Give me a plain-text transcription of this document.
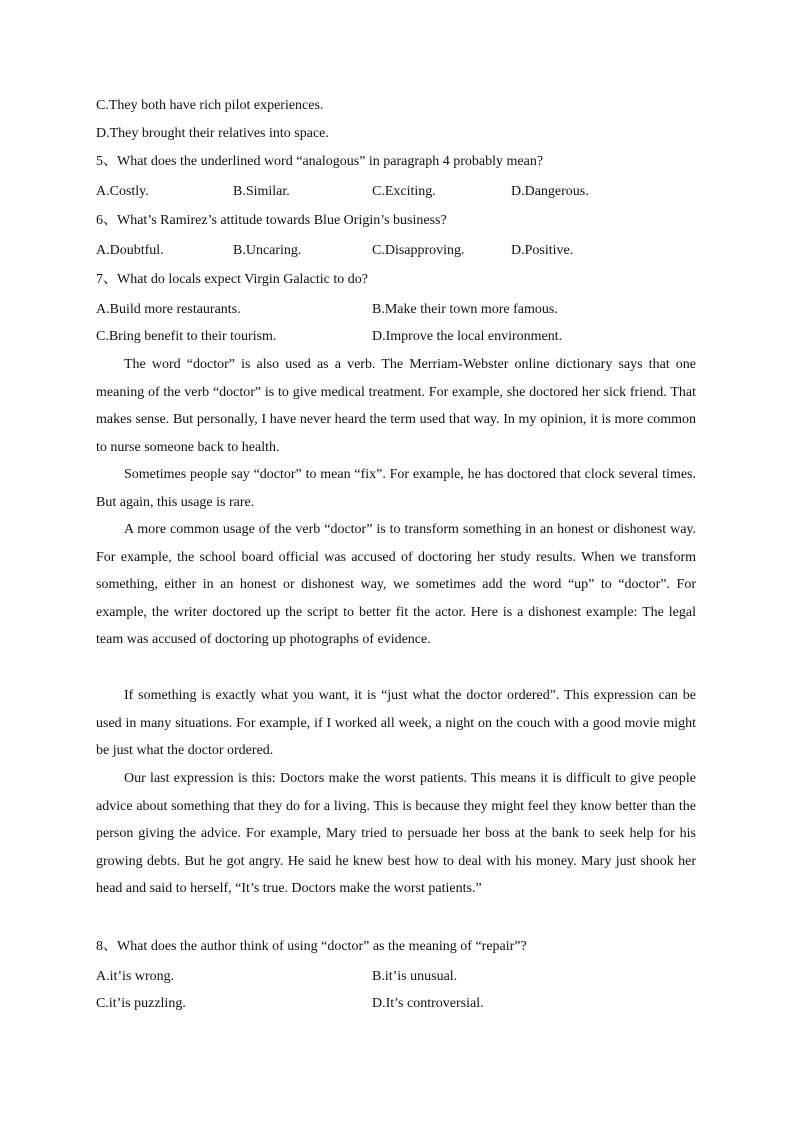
C.They both have rich pilot experiences.
D.They brought their relatives into space.
5、What does the underlined word “analogous” in paragraph 4 probably mean?
A.Costly.	B.Similar.	C.Exciting.	D.Dangerous.
6、What’s Ramirez’s attitude towards Blue Origin’s business?
A.Doubtful.	B.Uncaring.	C.Disapproving.	D.Positive.
7、What do locals expect Virgin Galactic to do?
A.Build more restaurants.	B.Make their town more famous.
C.Bring benefit to their tourism.	D.Improve the local environment.

The word “doctor” is also used as a verb. The Merriam-Webster online dictionary says that one meaning of the verb “doctor” is to give medical treatment. For example, she doctored her sick friend. That makes sense. But personally, I have never heard the term used that way. In my opinion, it is more common to nurse someone back to health.

Sometimes people say “doctor” to mean “fix”. For example, he has doctored that clock several times. But again, this usage is rare.

A more common usage of the verb “doctor” is to transform something in an honest or dishonest way. For example, the school board official was accused of doctoring her study results. When we transform something, either in an honest or dishonest way, we sometimes add the word “up” to “doctor”. For example, the writer doctored up the script to better fit the actor. Here is a dishonest example: The legal team was accused of doctoring up photographs of evidence.

If something is exactly what you want, it is “just what the doctor ordered”. This expression can be used in many situations. For example, if I worked all week, a night on the couch with a good movie might be just what the doctor ordered.

Our last expression is this: Doctors make the worst patients. This means it is difficult to give people advice about something that they do for a living. This is because they might feel they know better than the person giving the advice. For example, Mary tried to persuade her boss at the bank to seek help for his growing debts. But he got angry. He said he knew best how to deal with his money. Mary just shook her head and said to herself, “It’s true. Doctors make the worst patients.”

8、What does the author think of using “doctor” as the meaning of “repair”?
A.it’is wrong.	B.it’is unusual.
C.it’is puzzling.	D.It’s controversial.
